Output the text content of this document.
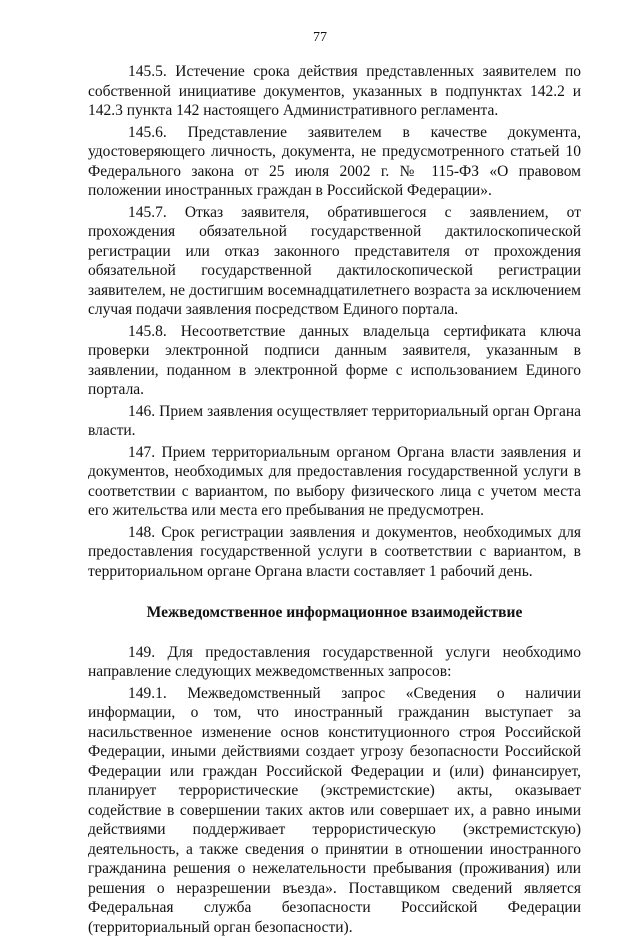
77

145.5. Истечение срока действия представленных заявителем по собственной инициативе документов, указанных в подпунктах 142.2 и 142.3 пункта 142 настоящего Административного регламента.

145.6. Представление заявителем в качестве документа, удостоверяющего личность, документа, не предусмотренного статьей 10 Федерального закона от 25 июля 2002 г. № 115-ФЗ «О правовом положении иностранных граждан в Российской Федерации».

145.7. Отказ заявителя, обратившегося с заявлением, от прохождения обязательной государственной дактилоскопической регистрации или отказ законного представителя от прохождения обязательной государственной дактилоскопической регистрации заявителем, не достигшим восемнадцатилетнего возраста за исключением случая подачи заявления посредством Единого портала.

145.8. Несоответствие данных владельца сертификата ключа проверки электронной подписи данным заявителя, указанным в заявлении, поданном в электронной форме с использованием Единого портала.

146. Прием заявления осуществляет территориальный орган Органа власти.

147. Прием территориальным органом Органа власти заявления и документов, необходимых для предоставления государственной услуги в соответствии с вариантом, по выбору физического лица с учетом места его жительства или места его пребывания не предусмотрен.

148. Срок регистрации заявления и документов, необходимых для предоставления государственной услуги в соответствии с вариантом, в территориальном органе Органа власти составляет 1 рабочий день.

Межведомственное информационное взаимодействие

149. Для предоставления государственной услуги необходимо направление следующих межведомственных запросов:

149.1. Межведомственный запрос «Сведения о наличии информации, о том, что иностранный гражданин выступает за насильственное изменение основ конституционного строя Российской Федерации, иными действиями создает угрозу безопасности Российской Федерации или граждан Российской Федерации и (или) финансирует, планирует террористические (экстремистские) акты, оказывает содействие в совершении таких актов или совершает их, а равно иными действиями поддерживает террористическую (экстремистскую) деятельность, а также сведения о принятии в отношении иностранного гражданина решения о нежелательности пребывания (проживания) или решения о неразрешении въезда». Поставщиком сведений является Федеральная служба безопасности Российской Федерации (территориальный орган безопасности).
